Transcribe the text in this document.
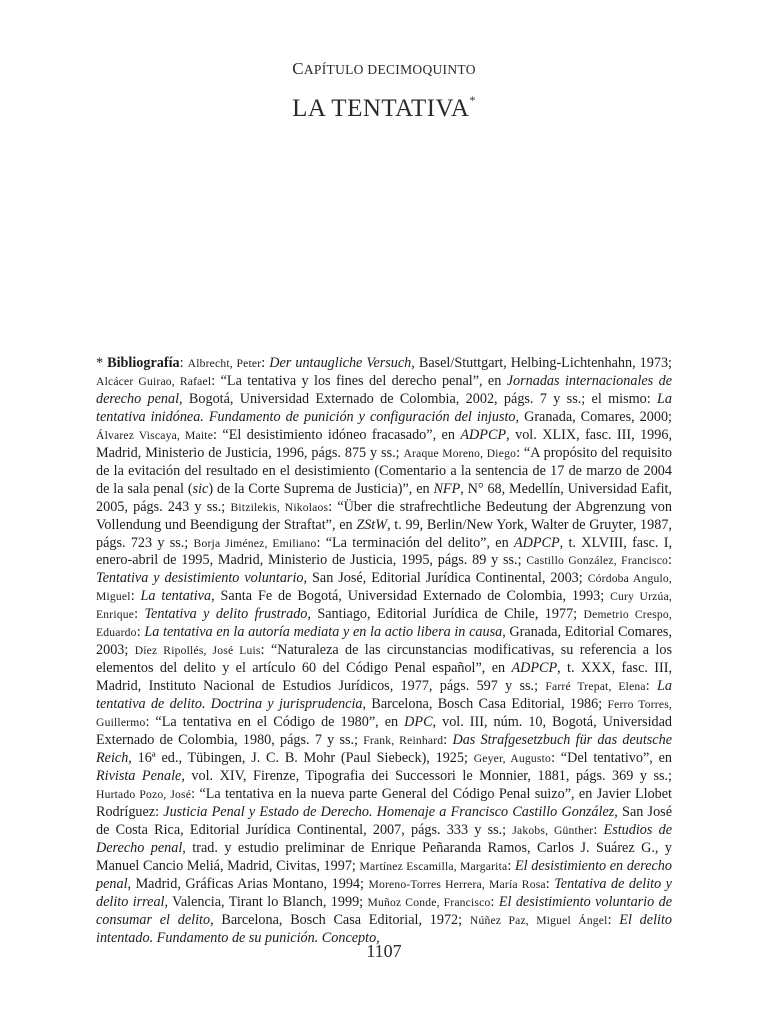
CAPÍTULO DECIMOQUINTO
LA TENTATIVA*

* Bibliografía: Albrecht, Peter: Der untaugliche Versuch, Basel/Stuttgart, Helbing-Lichtenhahn, 1973; Alcácer Guirao, Rafael: “La tentativa y los fines del derecho penal”, en Jornadas internacionales de derecho penal, Bogotá, Universidad Externado de Colombia, 2002, págs. 7 y ss.; el mismo: La tentativa inidónea. Fundamento de punición y configuración del injusto, Granada, Comares, 2000; Álvarez Viscaya, Maite: “El desistimiento idóneo fracasado”, en ADPCP, vol. XLIX, fasc. III, 1996, Madrid, Ministerio de Justicia, 1996, págs. 875 y ss.; Araque Moreno, Diego: “A propósito del requisito de la evitación del resultado en el desistimiento (Comentario a la sentencia de 17 de marzo de 2004 de la sala penal (sic) de la Corte Suprema de Justicia)”, en NFP, N° 68, Medellín, Universidad Eafit, 2005, págs. 243 y ss.; Bitzilekis, Nikolaos: “Über die strafrechtliche Bedeutung der Abgrenzung von Vollendung und Beendigung der Straftat”, en ZStW, t. 99, Berlin/New York, Walter de Gruyter, 1987, págs. 723 y ss.; Borja Jiménez, Emiliano: “La terminación del delito”, en ADPCP, t. XLVIII, fasc. I, enero-abril de 1995, Madrid, Ministerio de Justicia, 1995, págs. 89 y ss.; Castillo González, Francisco: Tentativa y desistimiento voluntario, San José, Editorial Jurídica Continental, 2003; Córdoba Angulo, Miguel: La tentativa, Santa Fe de Bogotá, Universidad Externado de Colombia, 1993; Cury Urzúa, Enrique: Tentativa y delito frustrado, Santiago, Editorial Jurídica de Chile, 1977; Demetrio Crespo, Eduardo: La tentativa en la autoría mediata y en la actio libera in causa, Granada, Editorial Comares, 2003; Díez Ripollés, José Luis: “Naturaleza de las circunstancias modificativas, su referencia a los elementos del delito y el artículo 60 del Código Penal español”, en ADPCP, t. XXX, fasc. III, Madrid, Instituto Nacional de Estudios Jurídicos, 1977, págs. 597 y ss.; Farré Trepat, Elena: La tentativa de delito. Doctrina y jurisprudencia, Barcelona, Bosch Casa Editorial, 1986; Ferro Torres, Guillermo: “La tentativa en el Código de 1980”, en DPC, vol. III, núm. 10, Bogotá, Universidad Externado de Colombia, 1980, págs. 7 y ss.; Frank, Reinhard: Das Strafgesetzbuch für das deutsche Reich, 16ª ed., Tübingen, J. C. B. Mohr (Paul Siebeck), 1925; Geyer, Augusto: “Del tentativo”, en Rivista Penale, vol. XIV, Firenze, Tipografia dei Successori le Monnier, 1881, págs. 369 y ss.; Hurtado Pozo, José: “La tentativa en la nueva parte General del Código Penal suizo”, en Javier Llobet Rodríguez: Justicia Penal y Estado de Derecho. Homenaje a Francisco Castillo González, San José de Costa Rica, Editorial Jurídica Continental, 2007, págs. 333 y ss.; Jakobs, Günther: Estudios de Derecho penal, trad. y estudio preliminar de Enrique Peñaranda Ramos, Carlos J. Suárez G., y Manuel Cancio Meliá, Madrid, Civitas, 1997; Martínez Escamilla, Margarita: El desistimiento en derecho penal, Madrid, Gráficas Arias Montano, 1994; Moreno-Torres Herrera, María Rosa: Tentativa de delito y delito irreal, Valencia, Tirant lo Blanch, 1999; Muñoz Conde, Francisco: El desistimiento voluntario de consumar el delito, Barcelona, Bosch Casa Editorial, 1972; Núñez Paz, Miguel Ángel: El delito intentado. Fundamento de su punición. Concepto,

1107
